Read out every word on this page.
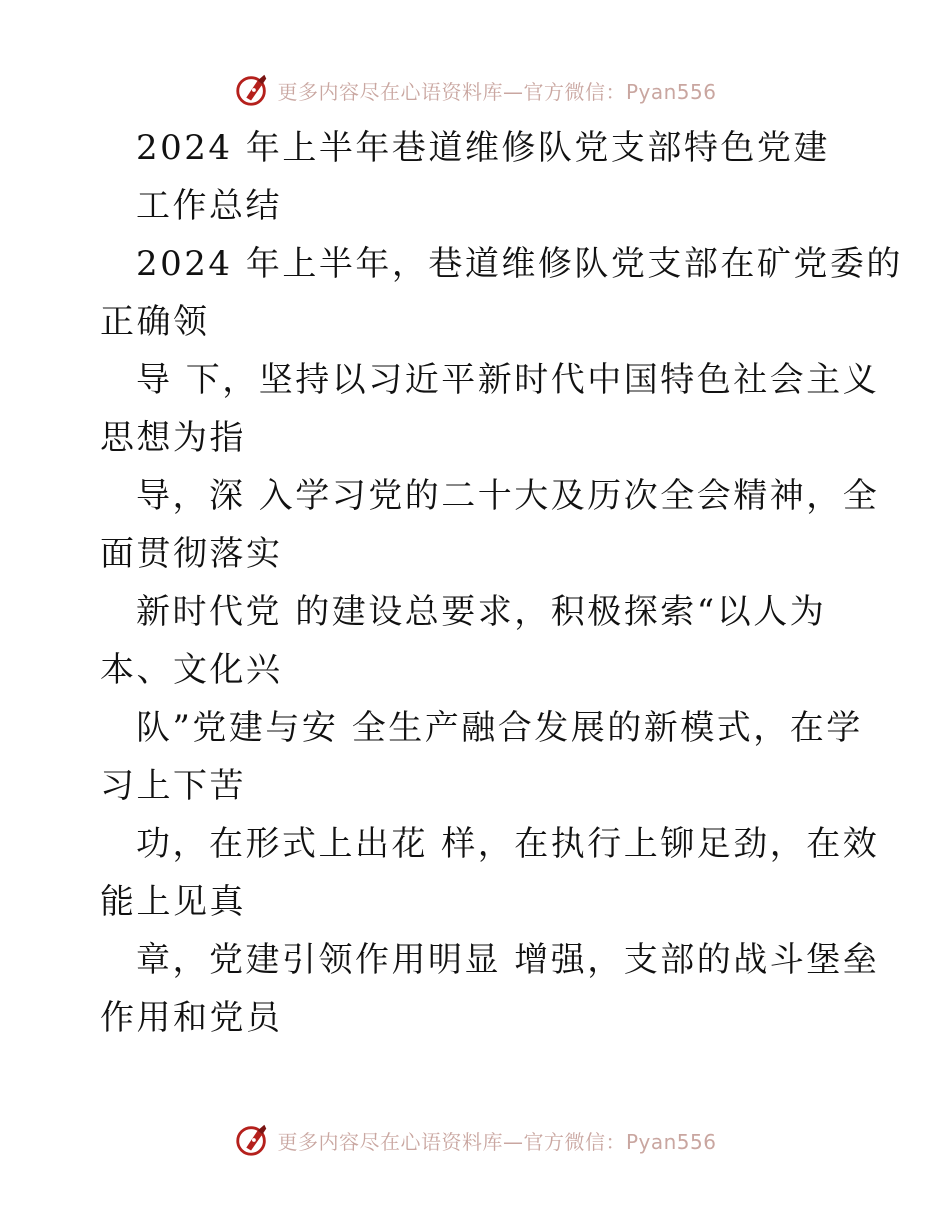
更多内容尽在心语资料库—官方微信：Pyan556
2024 年上半年巷道维修队党支部特色党建
工作总结
2024 年上半年，巷道维修队党支部在矿党委的
正确领
导 下，坚持以习近平新时代中国特色社会主义
思想为指
导，深 入学习党的二十大及历次全会精神，全
面贯彻落实
新时代党 的建设总要求，积极探索“以人为
本、文化兴
队”党建与安 全生产融合发展的新模式，在学
习上下苦
功，在形式上出花 样，在执行上铆足劲，在效
能上见真
章，党建引领作用明显 增强，支部的战斗堡垒
作用和党员
更多内容尽在心语资料库—官方微信：Pyan556
